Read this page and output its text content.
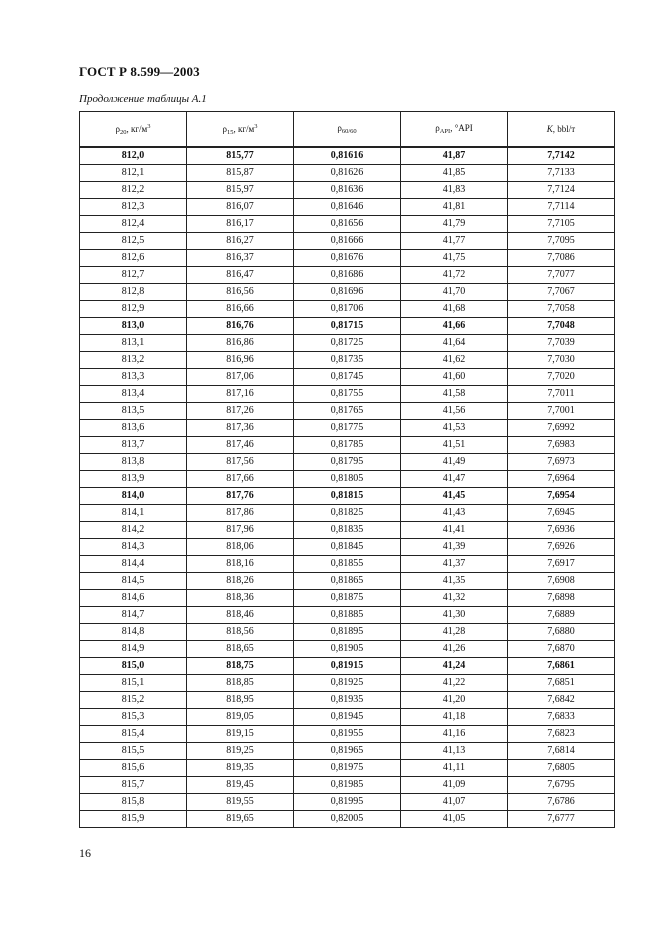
ГОСТ Р 8.599—2003
Продолжение таблицы А.1
$\rho_{20}$, $кг/м^3$	$\rho_{15}$, $кг/м^3$	$\rho_{60/60}$	$\rho_{API}$, °API	K, bbl/т
812,0	815,77	0,81616	41,87	7,7142
812,1	815,87	0,81626	41,85	7,7133
812,2	815,97	0,81636	41,83	7,7124
812,3	816,07	0,81646	41,81	7,7114
812,4	816,17	0,81656	41,79	7,7105
812,5	816,27	0,81666	41,77	7,7095
812,6	816,37	0,81676	41,75	7,7086
812,7	816,47	0,81686	41,72	7,7077
812,8	816,56	0,81696	41,70	7,7067
812,9	816,66	0,81706	41,68	7,7058
813,0	816,76	0,81715	41,66	7,7048
813,1	816,86	0,81725	41,64	7,7039
813,2	816,96	0,81735	41,62	7,7030
813,3	817,06	0,81745	41,60	7,7020
813,4	817,16	0,81755	41,58	7,7011
813,5	817,26	0,81765	41,56	7,7001
813,6	817,36	0,81775	41,53	7,6992
813,7	817,46	0,81785	41,51	7,6983
813,8	817,56	0,81795	41,49	7,6973
813,9	817,66	0,81805	41,47	7,6964
814,0	817,76	0,81815	41,45	7,6954
814,1	817,86	0,81825	41,43	7,6945
814,2	817,96	0,81835	41,41	7,6936
814,3	818,06	0,81845	41,39	7,6926
814,4	818,16	0,81855	41,37	7,6917
814,5	818,26	0,81865	41,35	7,6908
814,6	818,36	0,81875	41,32	7,6898
814,7	818,46	0,81885	41,30	7,6889
814,8	818,56	0,81895	41,28	7,6880
814,9	818,65	0,81905	41,26	7,6870
815,0	818,75	0,81915	41,24	7,6861
815,1	818,85	0,81925	41,22	7,6851
815,2	818,95	0,81935	41,20	7,6842
815,3	819,05	0,81945	41,18	7,6833
815,4	819,15	0,81955	41,16	7,6823
815,5	819,25	0,81965	41,13	7,6814
815,6	819,35	0,81975	41,11	7,6805
815,7	819,45	0,81985	41,09	7,6795
815,8	819,55	0,81995	41,07	7,6786
815,9	819,65	0,82005	41,05	7,6777
16
